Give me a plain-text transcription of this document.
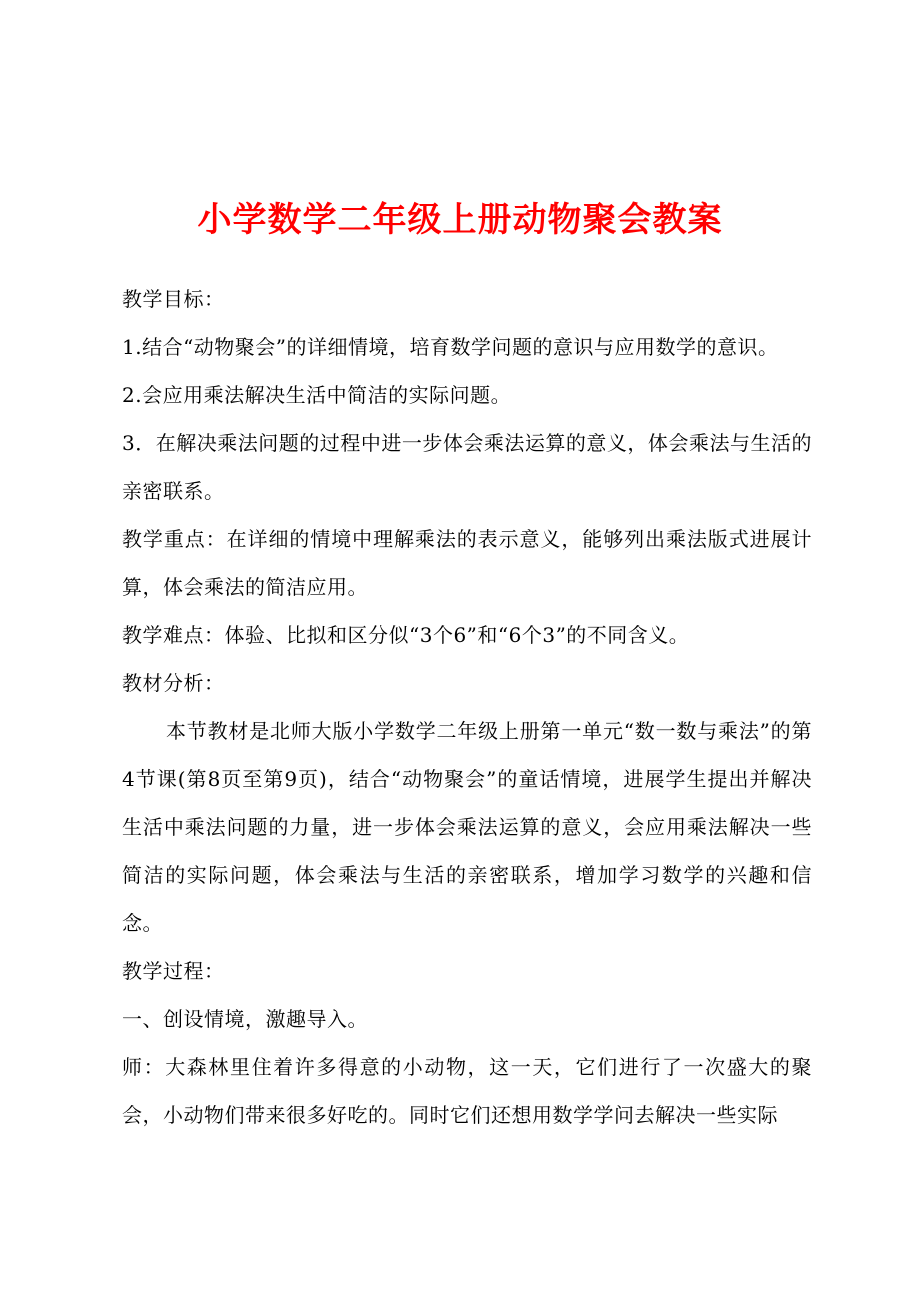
小学数学二年级上册动物聚会教案

教学目标：

1.结合“动物聚会”的详细情境，培育数学问题的意识与应用数学的意识。

2.会应用乘法解决生活中简洁的实际问题。

3．在解决乘法问题的过程中进一步体会乘法运算的意义，体会乘法与生活的亲密联系。

教学重点：在详细的情境中理解乘法的表示意义，能够列出乘法版式进展计算，体会乘法的简洁应用。

教学难点：体验、比拟和区分似“3个6”和“6个3”的不同含义。

教材分析：

本节教材是北师大版小学数学二年级上册第一单元“数一数与乘法”的第4节课(第8页至第9页)，结合“动物聚会”的童话情境，进展学生提出并解决生活中乘法问题的力量，进一步体会乘法运算的意义，会应用乘法解决一些简洁的实际问题，体会乘法与生活的亲密联系，增加学习数学的兴趣和信念。

教学过程：

一、创设情境，激趣导入。

师：大森林里住着许多得意的小动物，这一天，它们进行了一次盛大的聚会，小动物们带来很多好吃的。同时它们还想用数学学问去解决一些实际
